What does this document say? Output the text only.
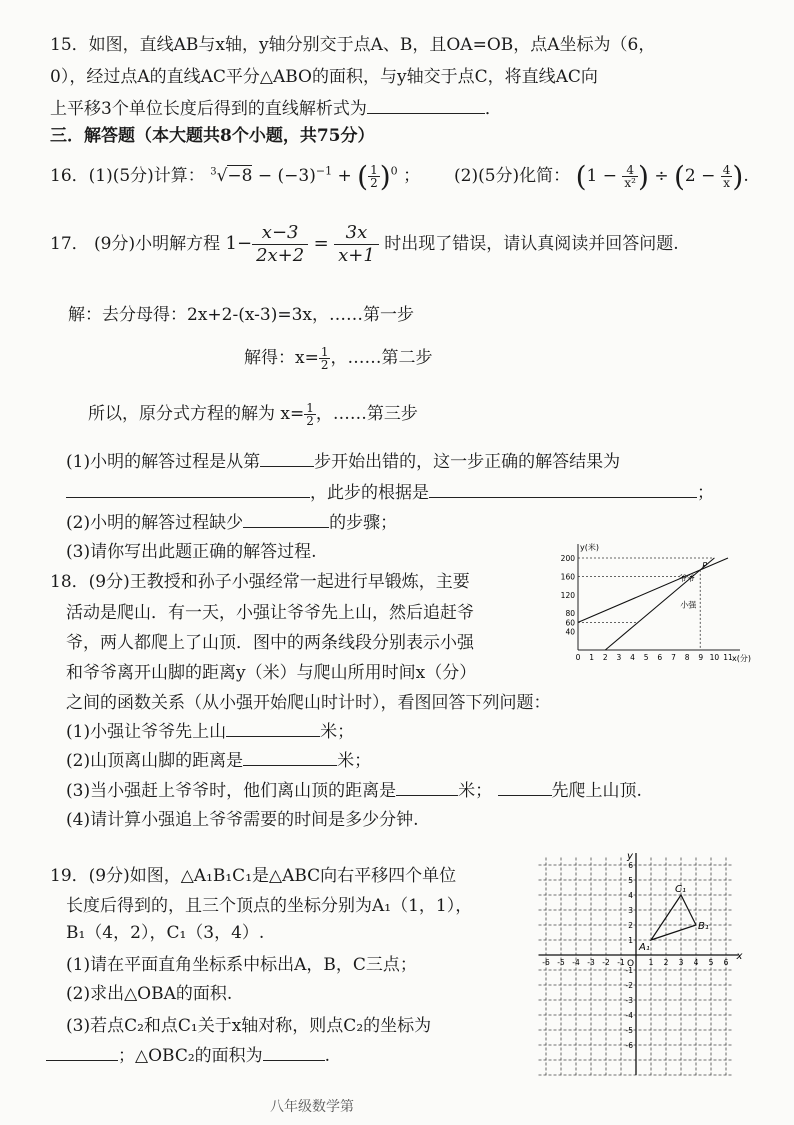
15．如图，直线AB与x轴，y轴分别交于点A、B，且OA=OB，点A坐标为（6，
0），经过点A的直线AC平分△ABO的面积，与y轴交于点C，将直线AC向
上平移3个单位长度后得到的直线解析式为	．
三．解答题（本大题共8个小题，共75分）
16．(1)(5分)计算： $^3√-8 - (-3)^{-1}$ + ( $\frac{1}{2} )^0$ ； (2)(5分)化简： ($1 - \frac{4}{\text{x²}}$ ) ÷ ($2 - \frac{4}{x}$ ).
17． (9分)小明解方程 $1- \frac{x-3}{2x+2} = \frac{3x}{x+1}$ 时出现了错误，请认真阅读并回答问题.
解：去分母得：2x+2-(x-3)=3x，……第一步
解得：$x= \frac{1}{2}$ ，……第二步
所以，原分式方程的解为 $x= \frac{1}{2}$ ，……第三步
(1)小明的解答过程是从第	步开始出错的，这一步正确的解答结果为
，此步的根据是	；
(2)小明的解答过程缺少	的步骤；
(3)请你写出此题正确的解答过程.
18．(9分)王教授和孙子小强经常一起进行早锻炼，主要
活动是爬山．有一天，小强让爷爷先上山，然后追赶爷
爷，两人都爬上了山顶．图中的两条线段分别表示小强
和爷爷离开山脚的距离y（米）与爬山所用时间x（分）
之间的函数关系（从小强开始爬山时计时），看图回答下列问题：
(1)小强让爷爷先上山	米；
(2)山顶离山脚的距离是	米；
(3)当小强赶上爷爷时，他们离山顶的距离是	米；	先爬上山顶.
(4)请计算小强追上爷爷需要的时间是多少分钟.
40
60
80
120
160
200
0 1 2 3 4 5 6 7 8 9 10 11
y(米)
x(分)
P
爷爷
小强
19．(9分)如图，△A₁B₁C₁是△ABC向右平移四个单位
长度后得到的，且三个顶点的坐标分别为A₁（1，1），
B₁（4，2），C₁（3，4）.
(1)请在平面直角坐标系中标出A，B，C三点；
(2)求出△OBA的面积.
(3)若点C₂和点C₁关于x轴对称，则点C₂的坐标为
；△OBC₂的面积为	.
x
y
O
-6 -5 -4 -3 -2 -1	1 2 3 4 5 6
6
5
4
3
2
1
-1
-2
-3
-4
-5
-6
A₁
B₁
C₁
八年级数学第
